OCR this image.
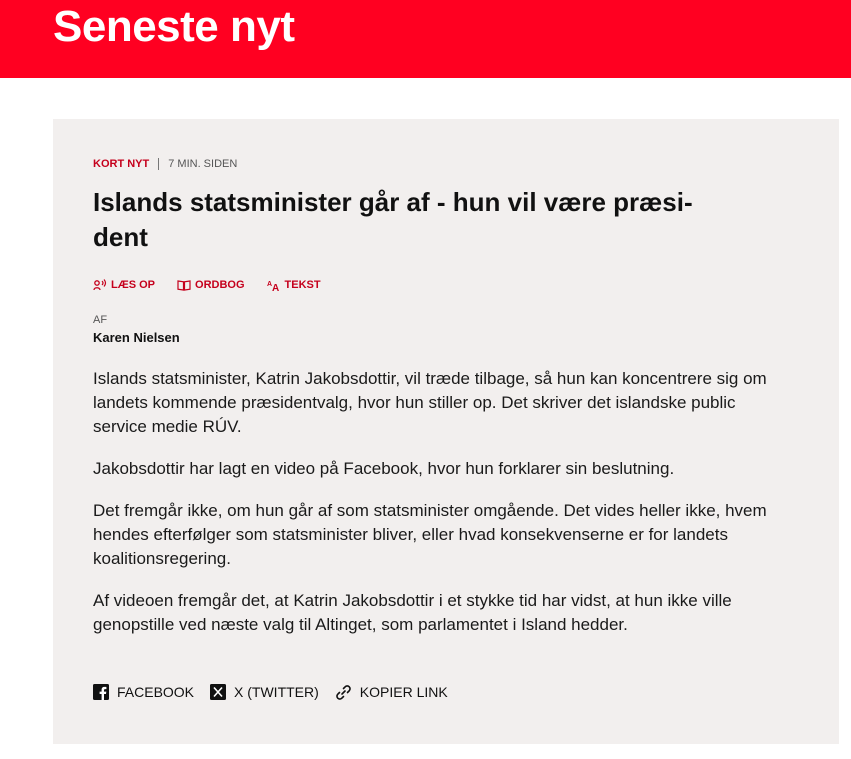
Seneste nyt
KORT NYT 7 MIN. SIDEN
Islands statsminister går af - hun vil være præsi-
dent
LÆS OP	ORDBOG	A A TEKST
AF
Karen Nielsen

Islands statsminister, Katrin Jakobsdottir, vil træde tilbage, så hun kan koncentrere sig om landets kommende præsidentvalg, hvor hun stiller op. Det skriver det islandske public service medie RÚV.

Jakobsdottir har lagt en video på Facebook, hvor hun forklarer sin beslutning.

Det fremgår ikke, om hun går af som statsminister omgående. Det vides heller ikke, hvem hendes efterfølger som statsminister bliver, eller hvad konsekvenserne er for landets koalitionsregering.

Af videoen fremgår det, at Katrin Jakobsdottir i et stykke tid har vidst, at hun ikke ville genopstille ved næste valg til Altinget, som parlamentet i Island hedder.

FACEBOOK	X (TWITTER)	KOPIER LINK
